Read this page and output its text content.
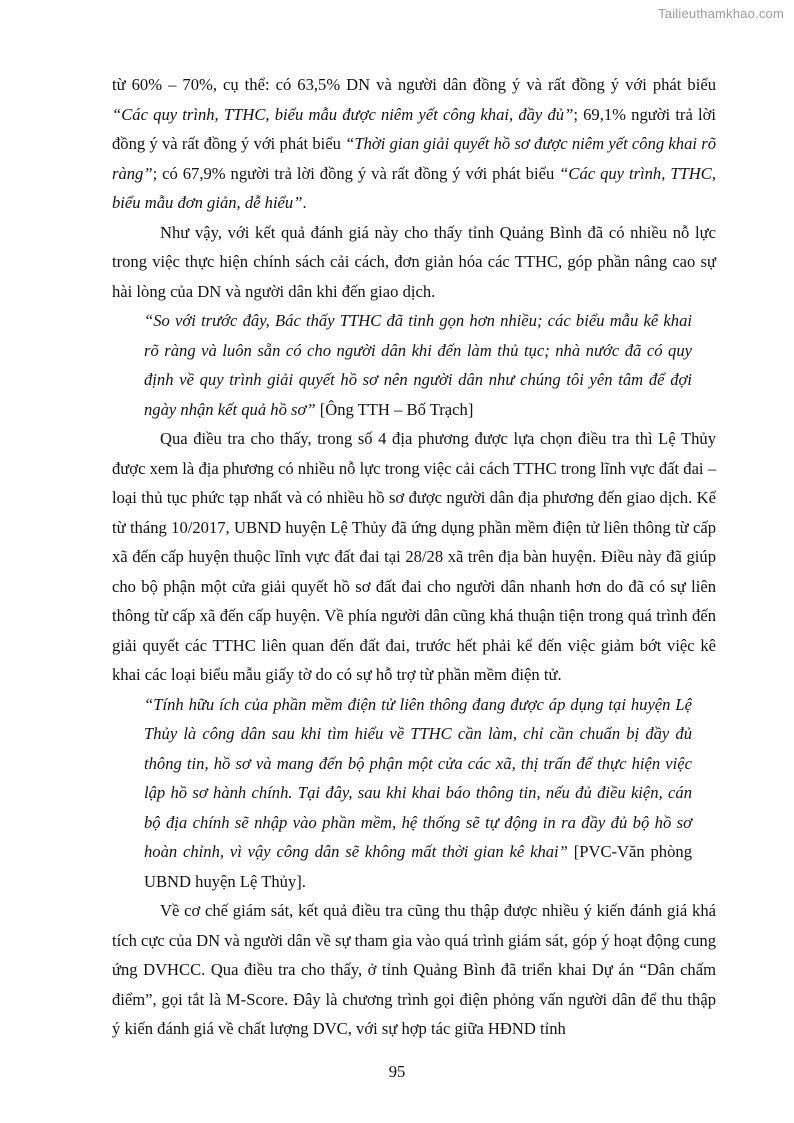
Tailieuthamkhao.com

từ 60% – 70%, cụ thể: có 63,5% DN và người dân đồng ý và rất đồng ý với phát biểu “Các quy trình, TTHC, biểu mẫu được niêm yết công khai, đầy đủ”; 69,1% người trả lời đồng ý và rất đồng ý với phát biểu “Thời gian giải quyết hồ sơ được niêm yết công khai rõ ràng”; có 67,9% người trả lời đồng ý và rất đồng ý với phát biểu “Các quy trình, TTHC, biểu mẫu đơn giản, dễ hiểu”.

Như vậy, với kết quả đánh giá này cho thấy tỉnh Quảng Bình đã có nhiều nỗ lực trong việc thực hiện chính sách cải cách, đơn giản hóa các TTHC, góp phần nâng cao sự hài lòng của DN và người dân khi đến giao dịch.

“So với trước đây, Bác thấy TTHC đã tinh gọn hơn nhiều; các biểu mẫu kê khai rõ ràng và luôn sẵn có cho người dân khi đến làm thủ tục; nhà nước đã có quy định về quy trình giải quyết hồ sơ nên người dân như chúng tôi yên tâm để đợi ngày nhận kết quả hồ sơ” [Ông TTH – Bố Trạch]

Qua điều tra cho thấy, trong số 4 địa phương được lựa chọn điều tra thì Lệ Thủy được xem là địa phương có nhiều nỗ lực trong việc cải cách TTHC trong lĩnh vực đất đai – loại thủ tục phức tạp nhất và có nhiều hồ sơ được người dân địa phương đến giao dịch. Kể từ tháng 10/2017, UBND huyện Lệ Thủy đã ứng dụng phần mềm điện tử liên thông từ cấp xã đến cấp huyện thuộc lĩnh vực đất đai tại 28/28 xã trên địa bàn huyện. Điều này đã giúp cho bộ phận một cửa giải quyết hồ sơ đất đai cho người dân nhanh hơn do đã có sự liên thông từ cấp xã đến cấp huyện. Về phía người dân cũng khá thuận tiện trong quá trình đến giải quyết các TTHC liên quan đến đất đai, trước hết phải kể đến việc giảm bớt việc kê khai các loại biểu mẫu giấy tờ do có sự hỗ trợ từ phần mềm điện tử.

“Tính hữu ích của phần mềm điện tử liên thông đang được áp dụng tại huyện Lệ Thủy là công dân sau khi tìm hiểu về TTHC cần làm, chỉ cần chuẩn bị đầy đủ thông tin, hồ sơ và mang đến bộ phận một cửa các xã, thị trấn để thực hiện việc lập hồ sơ hành chính. Tại đây, sau khi khai báo thông tin, nếu đủ điều kiện, cán bộ địa chính sẽ nhập vào phần mềm, hệ thống sẽ tự động in ra đầy đủ bộ hồ sơ hoàn chỉnh, vì vậy công dân sẽ không mất thời gian kê khai” [PVC-Văn phòng UBND huyện Lệ Thủy].

Về cơ chế giám sát, kết quả điều tra cũng thu thập được nhiều ý kiến đánh giá khá tích cực của DN và người dân về sự tham gia vào quá trình giám sát, góp ý hoạt động cung ứng DVHCC. Qua điều tra cho thấy, ở tỉnh Quảng Bình đã triển khai Dự án “Dân chấm điểm”, gọi tắt là M-Score. Đây là chương trình gọi điện phỏng vấn người dân để thu thập ý kiến đánh giá về chất lượng DVC, với sự hợp tác giữa HĐND tỉnh

95
